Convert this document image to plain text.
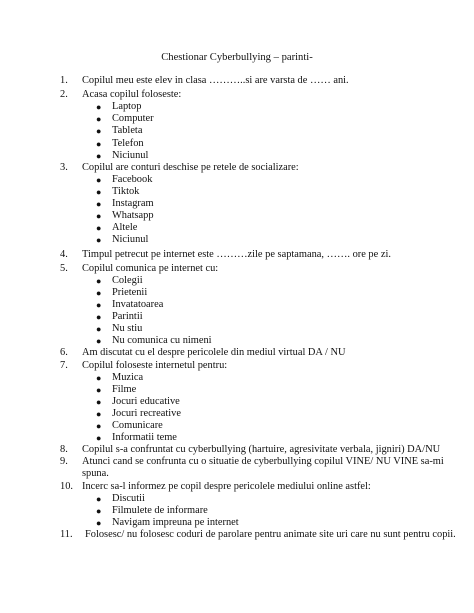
Chestionar Cyberbullying – parinti-
1. Copilul meu este elev in clasa ………..si are varsta de …… ani.
2. Acasa copilul foloseste:
● Laptop
● Computer
● Tableta
● Telefon
● Niciunul
3. Copilul are conturi deschise pe retele de socializare:
● Facebook
● Tiktok
● Instagram
● Whatsapp
● Altele
● Niciunul
4. Timpul petrecut pe internet este ………zile pe saptamana, ……. ore pe zi.
5. Copilul comunica pe internet cu:
● Colegii
● Prietenii
● Invatatoarea
● Parintii
● Nu stiu
● Nu comunica cu nimeni
6. Am discutat cu el despre pericolele din mediul virtual DA / NU
7. Copilul foloseste internetul pentru:
● Muzica
● Filme
● Jocuri educative
● Jocuri recreative
● Comunicare
● Informatii teme
8. Copilul s-a confruntat cu cyberbullying (hartuire, agresivitate verbala, jigniri) DA/NU
9. Atunci cand se confrunta cu o situatie de cyberbullying copilul VINE/ NU VINE sa-mi
spuna.
10. Incerc sa-l informez pe copil despre pericolele mediului online astfel:
● Discutii
● Filmulete de informare
● Navigam impreuna pe internet
11. Folosesc/ nu folosesc coduri de parolare pentru animate site uri care nu sunt pentru copii.
